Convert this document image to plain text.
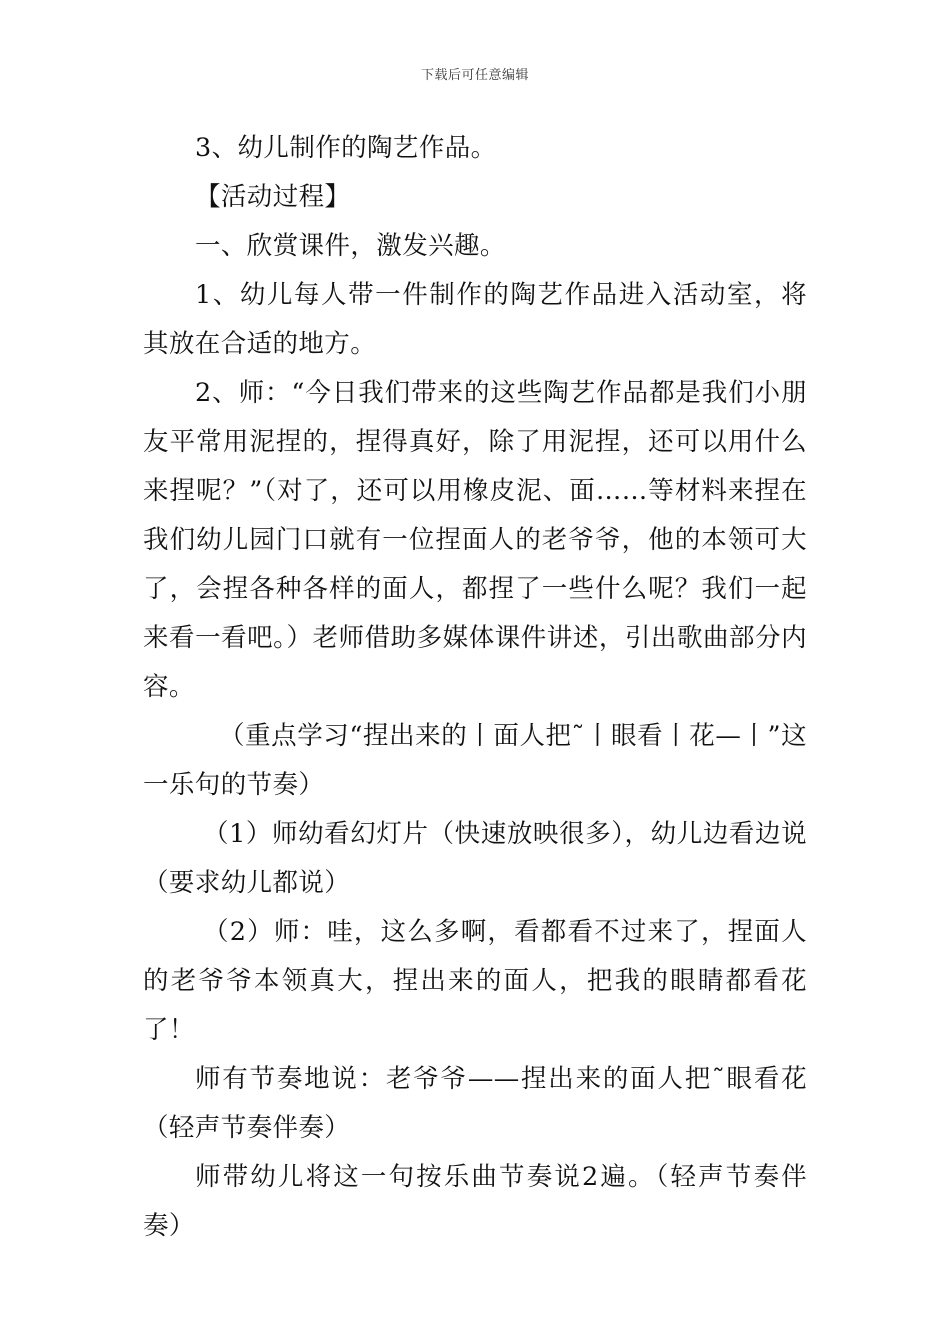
下载后可任意编辑

3、幼儿制作的陶艺作品。

【活动过程】

一、欣赏课件，激发兴趣。

1、幼儿每人带一件制作的陶艺作品进入活动室，将其放在合适的地方。

2、师：“今日我们带来的这些陶艺作品都是我们小朋友平常用泥捏的，捏得真好，除了用泥捏，还可以用什么来捏呢？”（对了，还可以用橡皮泥、面……等材料来捏在我们幼儿园门口就有一位捏面人的老爷爷，他的本领可大了，会捏各种各样的面人，都捏了一些什么呢？我们一起来看一看吧。）老师借助多媒体课件讲述，引出歌曲部分内容。

（重点学习“捏出来的丨面人把˜丨眼看丨花—丨”这一乐句的节奏）

（1）师幼看幻灯片（快速放映很多），幼儿边看边说（要求幼儿都说）

（2）师：哇，这么多啊，看都看不过来了，捏面人的老爷爷本领真大，捏出来的面人，把我的眼睛都看花了！

师有节奏地说：老爷爷——捏出来的面人把˜眼看花（轻声节奏伴奏）

师带幼儿将这一句按乐曲节奏说2遍。（轻声节奏伴奏）
